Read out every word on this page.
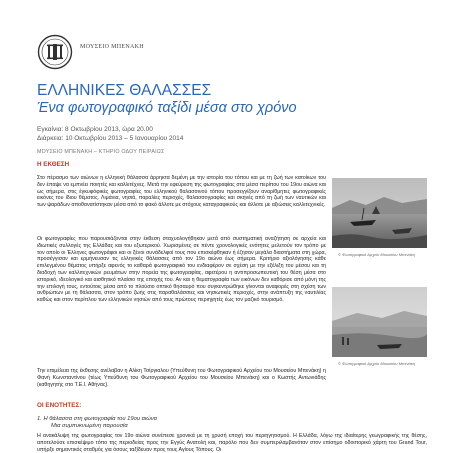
ΜΟΥΣΕΙΟ ΜΠΕΝΑΚΗ
ΕΛΛΗΝΙΚΕΣ ΘΑΛΑΣΣΕΣ
Ένα φωτογραφικό ταξίδι μέσα στο χρόνο
Εγκαίνια: 8 Οκτωβρίου 2013, ώρα 20.00
Διάρκεια: 10 Οκτωβρίου 2013 – 5 Ιανουαρίου 2014
ΜΟΥΣΕΙΟ ΜΠΕΝΑΚΗ – ΚΤΗΡΙΟ ΟΔΟΥ ΠΕΙΡΑΙΩΣ
Η ΕΚΘΕΣΗ
Στο πέρασμο των αιώνων η ελληνική θάλασσα άρρηκτα δεμένη με την ιστορία του τόπου και με τη ζωή των κατοίκων του δεν έπαψε να εμπνέει ποιητές και καλλιτέχνες. Μετά την εφεύρεση της φωτογραφίας στα μέσα περίπου του 19ου αιώνα και ως σήμερα, στις έγκυφόφικές φωτογραφίες του ελληνικού θαλασσινού τόπου προσεγγίζουν αναρίθμητες φωτογραφικές εικόνες του ίδιου θέματος. Λιμάνια, νησιά, παραλίες περιοχές, θαλασσογραφίες και σκηνές από τη ζωή των ναυτικών και των ψαράδων αποθανατίστηκαν μέσα από το φακό άλλοτε με στόχους καταγραφικούς και άλλοτε με αξιώσεις καλλιτεχνικές.
Οι φωτογραφίες που παρουσιάζονται στην έκθεση σταχυολογήθηκαν μετά από συστηματική αναζήτηση σε αρχεία και ιδιωτικές συλλογές της Ελλάδας και του εξωτερικού. Χωρισμένες σε πέντε χρονολογικές ενότητες μελετούν τον τρόπο με τον οποίο οι Έλληνες φωτογράφοι και οι ξένοι συνάδελφοί τους που επισκέφθηκαν ή έζησαν μεγάλα διαστήματα στη χώρα, προσέγγισαν και ερμήνευσαν τις ελληνικές θάλασσες από τον 19ο αιώνα έως σήμερα. Κριτήριο αξιολόγησης κάθε επιλεγμένου θέματος υπήρξε αφενός το καθαρά φωτογραφικό του ενδιαφέρον σε σχέση με την εξέλιξη του μέσου και τη διαδοχή των καλλιτεχνικών ρευμάτων στην πορεία της φωτογραφίας, αφετέρου η αντιπροσωπευτική του θέση μέσα στο ιστορικό, ιδεολογικό και αισθητικό πλαίσιο της εποχής του. Αν και η θεματογραφία των εικόνων δεν καθόρισε από μόνη της την επιλογή τους, εντούτοις μέσα από το πλούσιο οπτικό θησαυρό που συγκεντρώθηκε γίνονται αναφορές στη σχέση των ανθρώπων με τη θάλασσα, στον τρόπο ζωής στις παραθαλάσσιες και νησιωτικές περιοχές, στην ανάπτυξη της ναυτιλίας καθώς και στον περίπλου των ελληνικών νησιών από τους πρώτους περιηγητές έως τον μαζικό τουρισμό.
Την επιμέλεια της έκθεσης ανέλαβαν η Αλίκη Τσίργιαλου (Υπεύθυνη του Φωτογραφικού Αρχείου του Μουσείου Μπενάκη) η Φανή Κωνσταντίνου (τέως Υπεύθυνη του Φωτογραφικού Αρχείου του Μουσείου Μπενάκη) και ο Κωστής Αντωνιάδης (καθηγητής στο Τ.Ε.Ι. Αθήνας).
© Φωτογραφικό Αρχείο Μουσείου Μπενάκη
© Φωτογραφικό Αρχείο Μουσείου Μπενάκη
ΟΙ ΕΝΟΤΗΤΕΣ:
1. Η θάλασσα στη φωτογραφία του 19ου αιώνα
Μια συμπυκνωμένη παρουσία
Η ανακάλυψη της φωτογραφίας τον 19ο αιώνα συνέπεσε χρονικά με τη χρυσή εποχή του περιηγητισμού. Η Ελλάδα, λόγω της ιδιαίτερης γεωγραφικής της θέσης, αποτελούσε επισκέψιμο τόπο της περιοδείας προς την Εγγύς Ανατολή και, παρόλο που δεν συμπεριλαμβανόταν στον επίσημο οδοιπορικό χάρτη του Grand Tour, υπήρξε σημαντικός σταθμός για όσους ταξίδευαν προς τους Αγίους Τόπους. Οι
